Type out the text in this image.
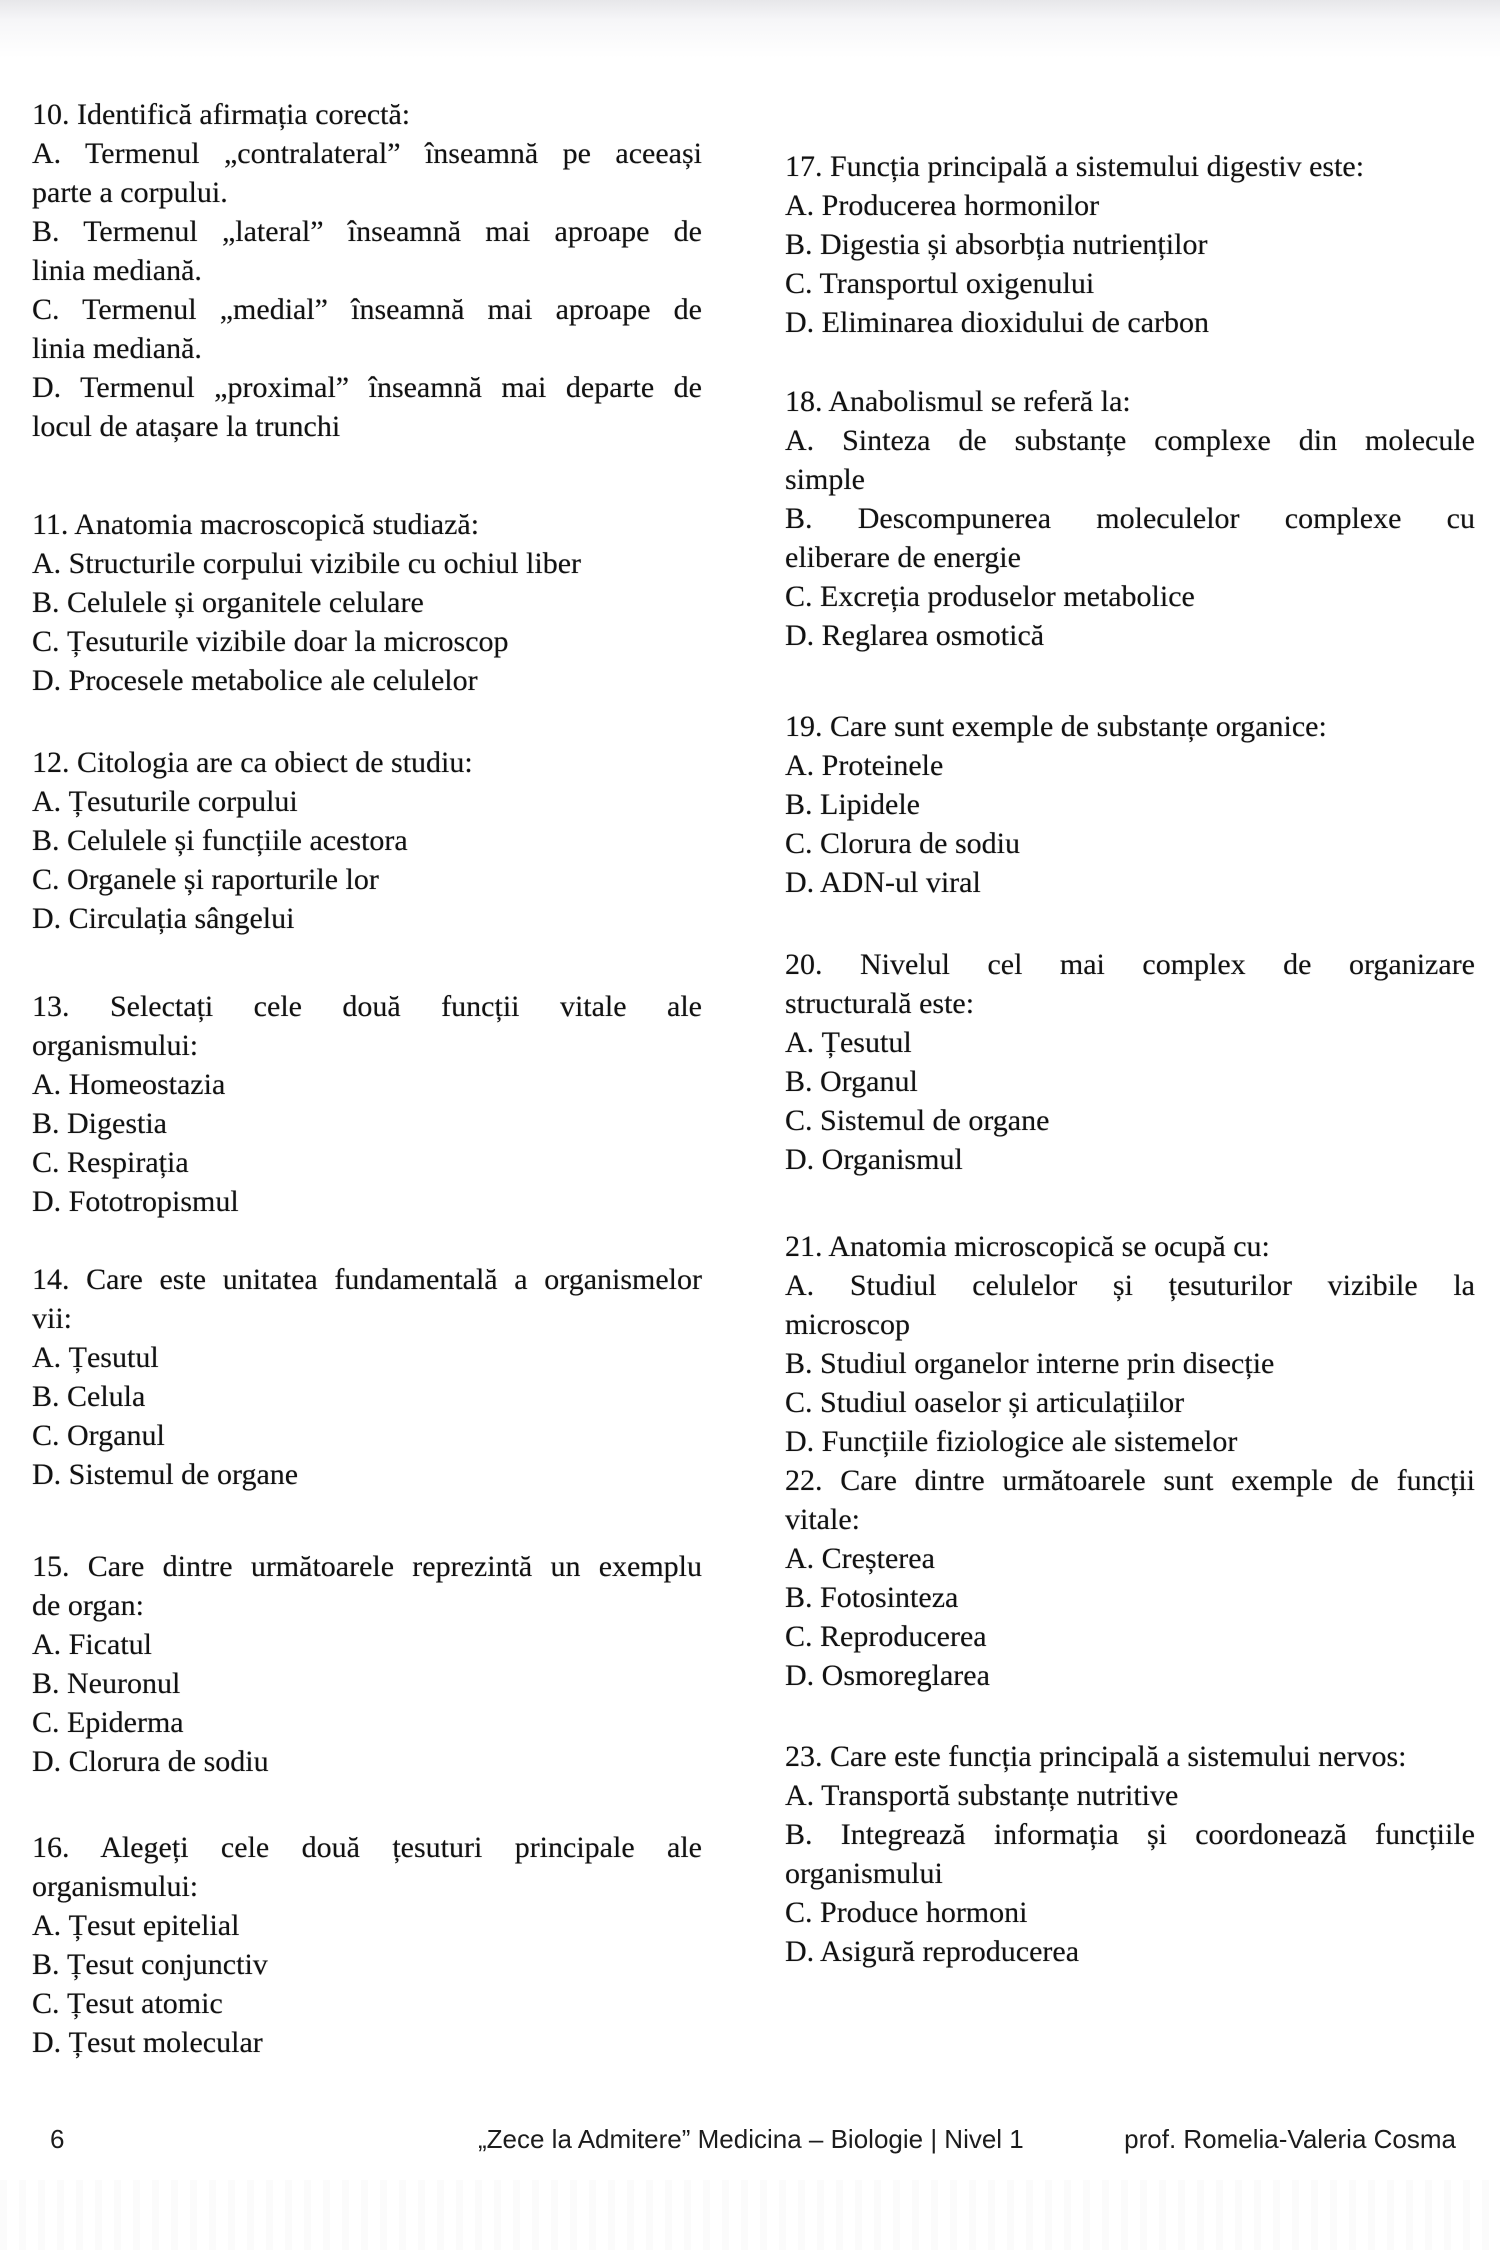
10. Identifică afirmația corectă:
A. Termenul „contralateral” înseamnă pe aceeași
parte a corpului.
B. Termenul „lateral” înseamnă mai aproape de
linia mediană.
C. Termenul „medial” înseamnă mai aproape de
linia mediană.
D. Termenul „proximal” înseamnă mai departe de
locul de atașare la trunchi
11. Anatomia macroscopică studiază:
A. Structurile corpului vizibile cu ochiul liber
B. Celulele și organitele celulare
C. Țesuturile vizibile doar la microscop
D. Procesele metabolice ale celulelor
12. Citologia are ca obiect de studiu:
A. Țesuturile corpului
B. Celulele și funcțiile acestora
C. Organele și raporturile lor
D. Circulația sângelui
13. Selectați cele două funcții vitale ale
organismului:
A. Homeostazia
B. Digestia
C. Respirația
D. Fototropismul
14. Care este unitatea fundamentală a organismelor
vii:
A. Țesutul
B. Celula
C. Organul
D. Sistemul de organe
15. Care dintre următoarele reprezintă un exemplu
de organ:
A. Ficatul
B. Neuronul
C. Epiderma
D. Clorura de sodiu
16. Alegeți cele două țesuturi principale ale
organismului:
A. Țesut epitelial
B. Țesut conjunctiv
C. Țesut atomic
D. Țesut molecular
17. Funcția principală a sistemului digestiv este:
A. Producerea hormonilor
B. Digestia și absorbția nutrienților
C. Transportul oxigenului
D. Eliminarea dioxidului de carbon
18. Anabolismul se referă la:
A. Sinteza de substanțe complexe din molecule
simple
B. Descompunerea moleculelor complexe cu
eliberare de energie
C. Excreția produselor metabolice
D. Reglarea osmotică
19. Care sunt exemple de substanțe organice:
A. Proteinele
B. Lipidele
C. Clorura de sodiu
D. ADN-ul viral
20. Nivelul cel mai complex de organizare
structurală este:
A. Țesutul
B. Organul
C. Sistemul de organe
D. Organismul
21. Anatomia microscopică se ocupă cu:
A. Studiul celulelor și țesuturilor vizibile la
microscop
B. Studiul organelor interne prin disecție
C. Studiul oaselor și articulațiilor
D. Funcțiile fiziologice ale sistemelor
22. Care dintre următoarele sunt exemple de funcții
vitale:
A. Creșterea
B. Fotosinteza
C. Reproducerea
D. Osmoreglarea
23. Care este funcția principală a sistemului nervos:
A. Transportă substanțe nutritive
B. Integrează informația și coordonează funcțiile
organismului
C. Produce hormoni
D. Asigură reproducerea
6	„Zece la Admitere” Medicina – Biologie | Nivel 1	prof. Romelia-Valeria Cosma
